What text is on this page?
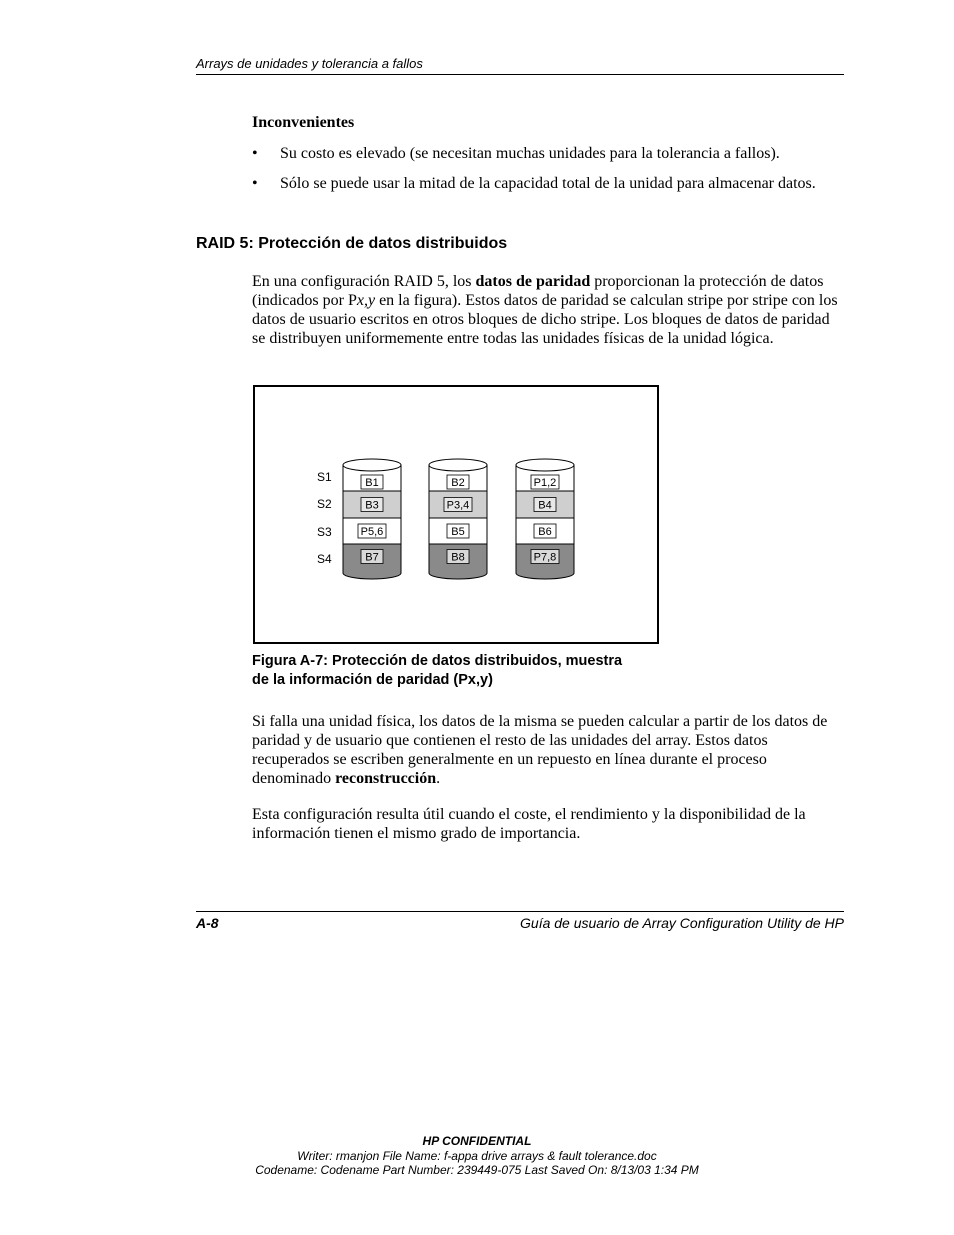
Arrays de unidades y tolerancia a fallos
Inconvenientes
• Su costo es elevado (se necesitan muchas unidades para la tolerancia a fallos).
• Sólo se puede usar la mitad de la capacidad total de la unidad para almacenar datos.
RAID 5: Protección de datos distribuidos

En una configuración RAID 5, los datos de paridad proporcionan la protección de datos (indicados por Px,y en la figura). Estos datos de paridad se calculan stripe por stripe con los datos de usuario escritos en otros bloques de dicho stripe. Los bloques de datos de paridad se distribuyen uniformemente entre todas las unidades físicas de la unidad lógica.

S1
S2
S3
S4
B1
B3
P5,6
B7
B2
P3,4
B5
B8
P1,2
B4
B6
P7,8
Figura A-7: Protección de datos distribuidos, muestra
de la información de paridad (Px,y)

Si falla una unidad física, los datos de la misma se pueden calcular a partir de los datos de paridad y de usuario que contienen el resto de las unidades del array. Estos datos recuperados se escriben generalmente en un repuesto en línea durante el proceso denominado reconstrucción.

Esta configuración resulta útil cuando el coste, el rendimiento y la disponibilidad de la información tienen el mismo grado de importancia.

A-8	Guía de usuario de Array Configuration Utility de HP
HP CONFIDENTIAL
Writer: rmanjon File Name: f-appa drive arrays & fault tolerance.doc
Codename: Codename Part Number: 239449-075 Last Saved On: 8/13/03 1:34 PM
